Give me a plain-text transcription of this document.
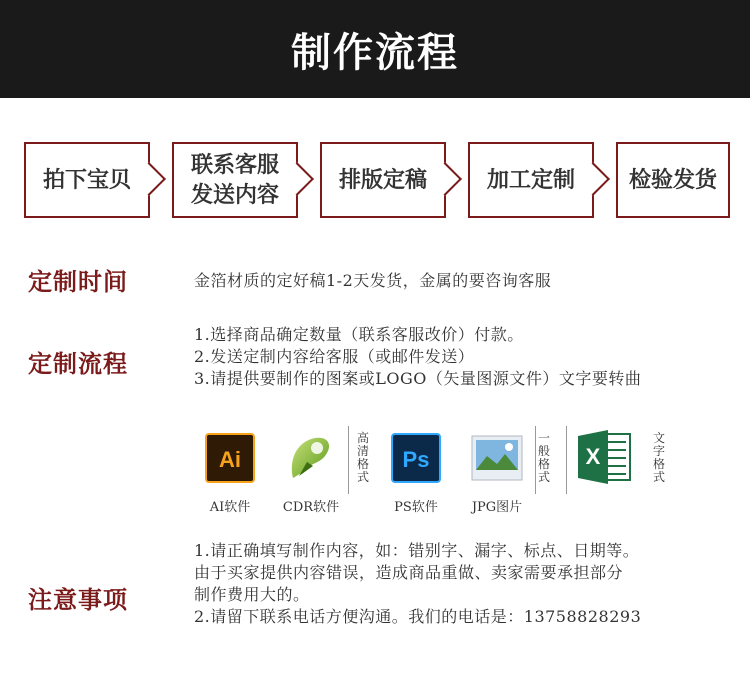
制作流程
拍下宝贝
联系客服
发送内容
排版定稿	加工定制 检验发货
定制时间	金箔材质的定好稿1-2天发货，金属的要咨询客服
定制流程
1.选择商品确定数量（联系客服改价）付款。
2.发送定制内容给客服（或邮件发送）
3.请提供要制作的图案或LOGO（矢量图源文件）文字要转曲
Ai
AI软件	CDR软件
高清格式
Ps
PS软件	JPG图片
一般格式
X
文字格式
注意事项
1.请正确填写制作内容，如：错别字、漏字、标点、日期等。
由于买家提供内容错误，造成商品重做、卖家需要承担部分
制作费用大的。
2.请留下联系电话方便沟通。我们的电话是：13758828293
